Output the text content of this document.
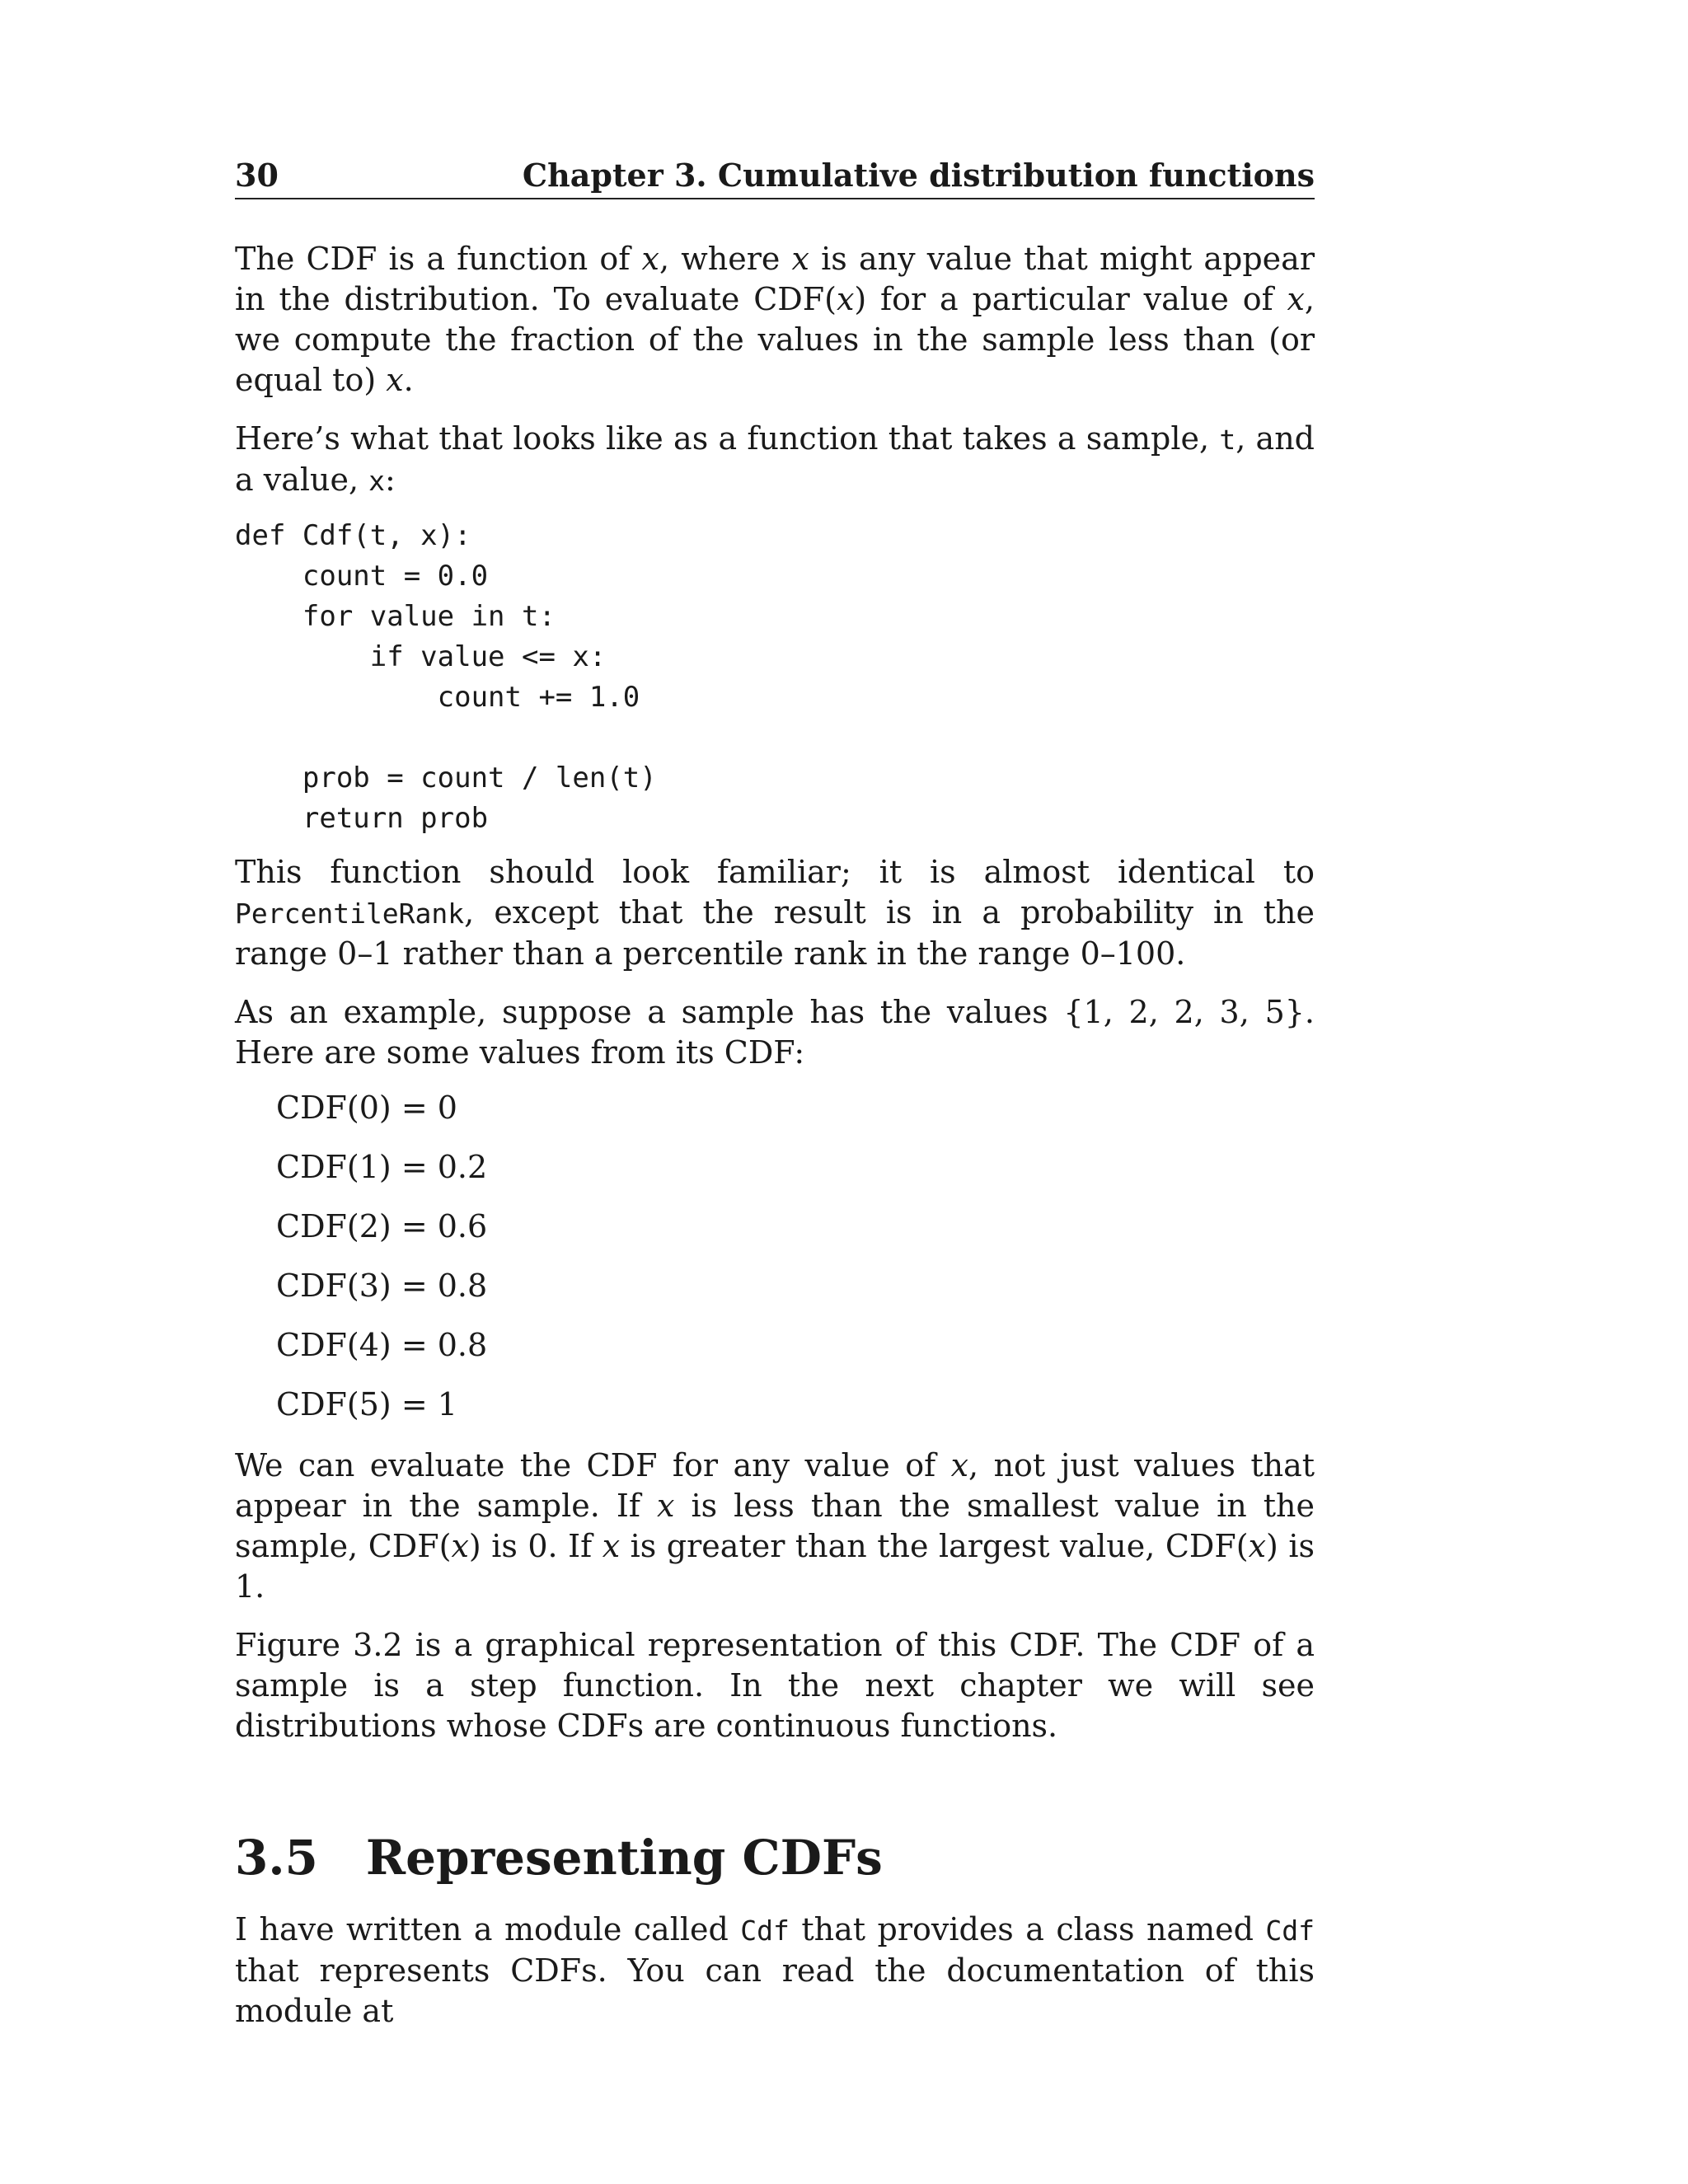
30	Chapter 3. Cumulative distribution functions

The CDF is a function of x, where x is any value that might appear in the distribution. To evaluate CDF(x) for a particular value of x, we compute the fraction of the values in the sample less than (or equal to) x.

Here’s what that looks like as a function that takes a sample, t, and a value, x:

def Cdf(t, x):
count = 0.0
for value in t:
if value <= x:
count += 1.0
prob = count / len(t)
return prob

This function should look familiar; it is almost identical to PercentileRank, except that the result is in a probability in the range 0–1 rather than a percentile rank in the range 0–100.

As an example, suppose a sample has the values {1, 2, 2, 3, 5}. Here are some values from its CDF:

CDF(0) = 0
CDF(1) = 0.2
CDF(2) = 0.6
CDF(3) = 0.8
CDF(4) = 0.8
CDF(5) = 1

We can evaluate the CDF for any value of x, not just values that appear in the sample. If x is less than the smallest value in the sample, CDF(x) is 0. If x is greater than the largest value, CDF(x) is 1.

Figure 3.2 is a graphical representation of this CDF. The CDF of a sample is a step function. In the next chapter we will see distributions whose CDFs are continuous functions.

3.5 Representing CDFs

I have written a module called Cdf that provides a class named Cdf that represents CDFs. You can read the documentation of this module at
